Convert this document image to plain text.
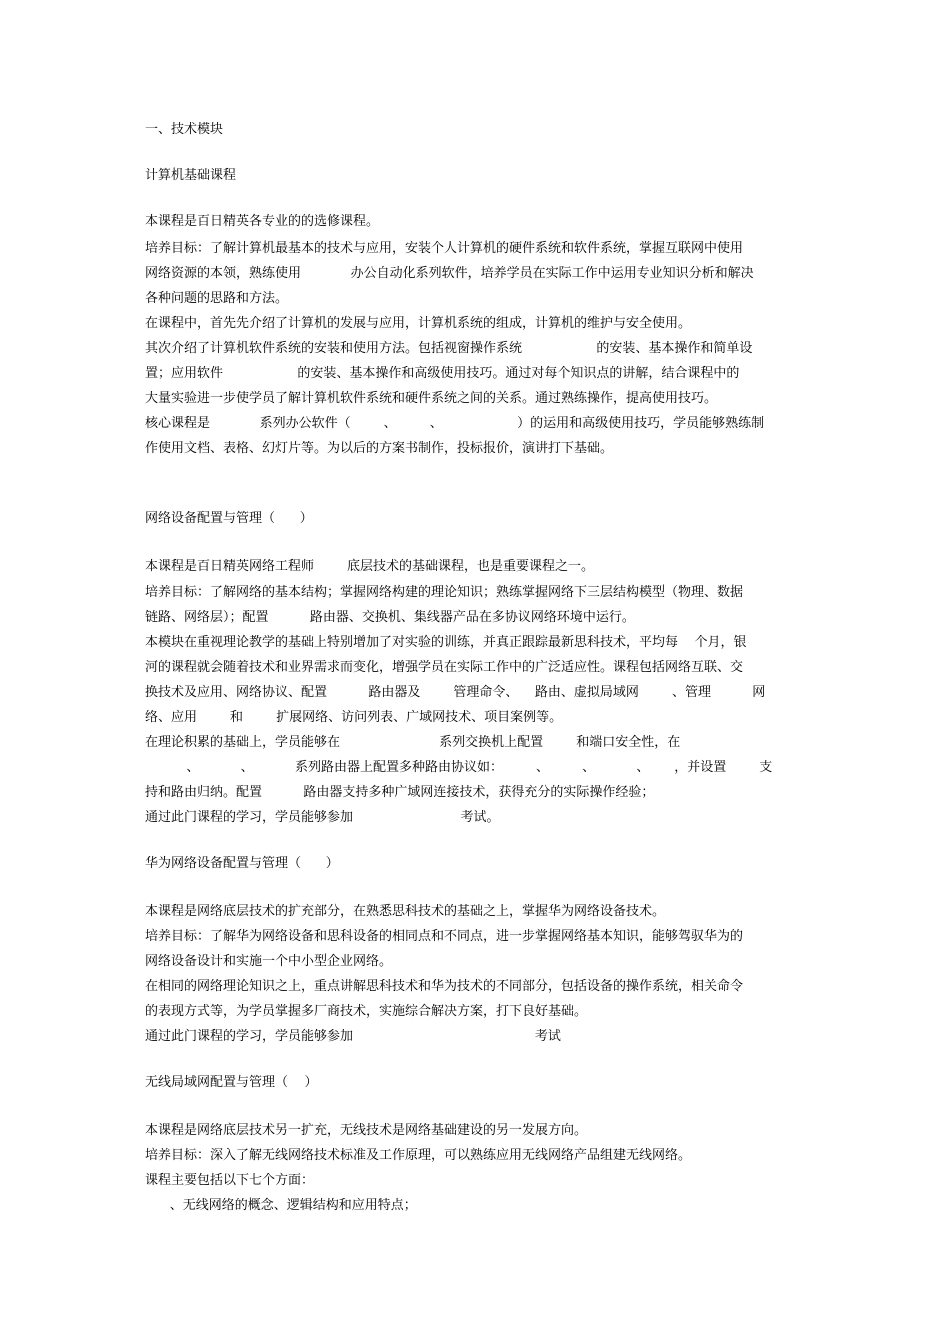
一、技术模块

计算机基础课程

本课程是百日精英各专业的的选修课程。

培养目标：了解计算机最基本的技术与应用，安装个人计算机的硬件系统和软件系统，掌握互联网中使用

网络资源的本领，熟练使用            办公自动化系列软件，培养学员在实际工作中运用专业知识分析和解决

各种问题的思路和方法。

在课程中，首先先介绍了计算机的发展与应用，计算机系统的组成，计算机的维护与安全使用。

其次介绍了计算机软件系统的安装和使用方法。包括视窗操作系统                  的安装、基本操作和简单设

置；应用软件                  的安装、基本操作和高级使用技巧。通过对每个知识点的讲解，结合课程中的

大量实验进一步使学员了解计算机软件系统和硬件系统之间的关系。通过熟练操作，提高使用技巧。

核心课程是            系列办公软件（        、        、                  ）的运用和高级使用技巧，学员能够熟练制

作使用文档、表格、幻灯片等。为以后的方案书制作，投标报价，演讲打下基础。

网络设备配置与管理（      ）

本课程是百日精英网络工程师        底层技术的基础课程，也是重要课程之一。

培养目标：了解网络的基本结构；掌握网络构建的理论知识；熟练掌握网络下三层结构模型（物理、数据

链路、网络层）；配置          路由器、交换机、集线器产品在多协议网络环境中运行。

本模块在重视理论教学的基础上特别增加了对实验的训练，并真正跟踪最新思科技术，平均每    个月，银

河的课程就会随着技术和业界需求而变化，增强学员在实际工作中的广泛适应性。课程包括网络互联、交

换技术及应用、网络协议、配置          路由器及        管理命令、    路由、虚拟局域网        、管理          网

络、应用        和        扩展网络、访问列表、广域网技术、项目案例等。

在理论积累的基础上，学员能够在                        系列交换机上配置        和端口安全性，在

、          、          系列路由器上配置多种路由协议如：        、        、          、      ，并设置        支

持和路由归纳。配置          路由器支持多种广域网连接技术，获得充分的实际操作经验；

通过此门课程的学习，学员能够参加                          考试。

华为网络设备配置与管理（      ）

本课程是网络底层技术的扩充部分，在熟悉思科技术的基础之上，掌握华为网络设备技术。

培养目标：了解华为网络设备和思科设备的相同点和不同点，进一步掌握网络基本知识，能够驾驭华为的

网络设备设计和实施一个中小型企业网络。

在相同的网络理论知识之上，重点讲解思科技术和华为技术的不同部分，包括设备的操作系统，相关命令

的表现方式等，为学员掌握多厂商技术，实施综合解决方案，打下良好基础。

通过此门课程的学习，学员能够参加                                            考试

无线局域网配置与管理（    ）

本课程是网络底层技术另一扩充，无线技术是网络基础建设的另一发展方向。

培养目标：深入了解无线网络技术标准及工作原理，可以熟练应用无线网络产品组建无线网络。

课程主要包括以下七个方面：

、无线网络的概念、逻辑结构和应用特点；
